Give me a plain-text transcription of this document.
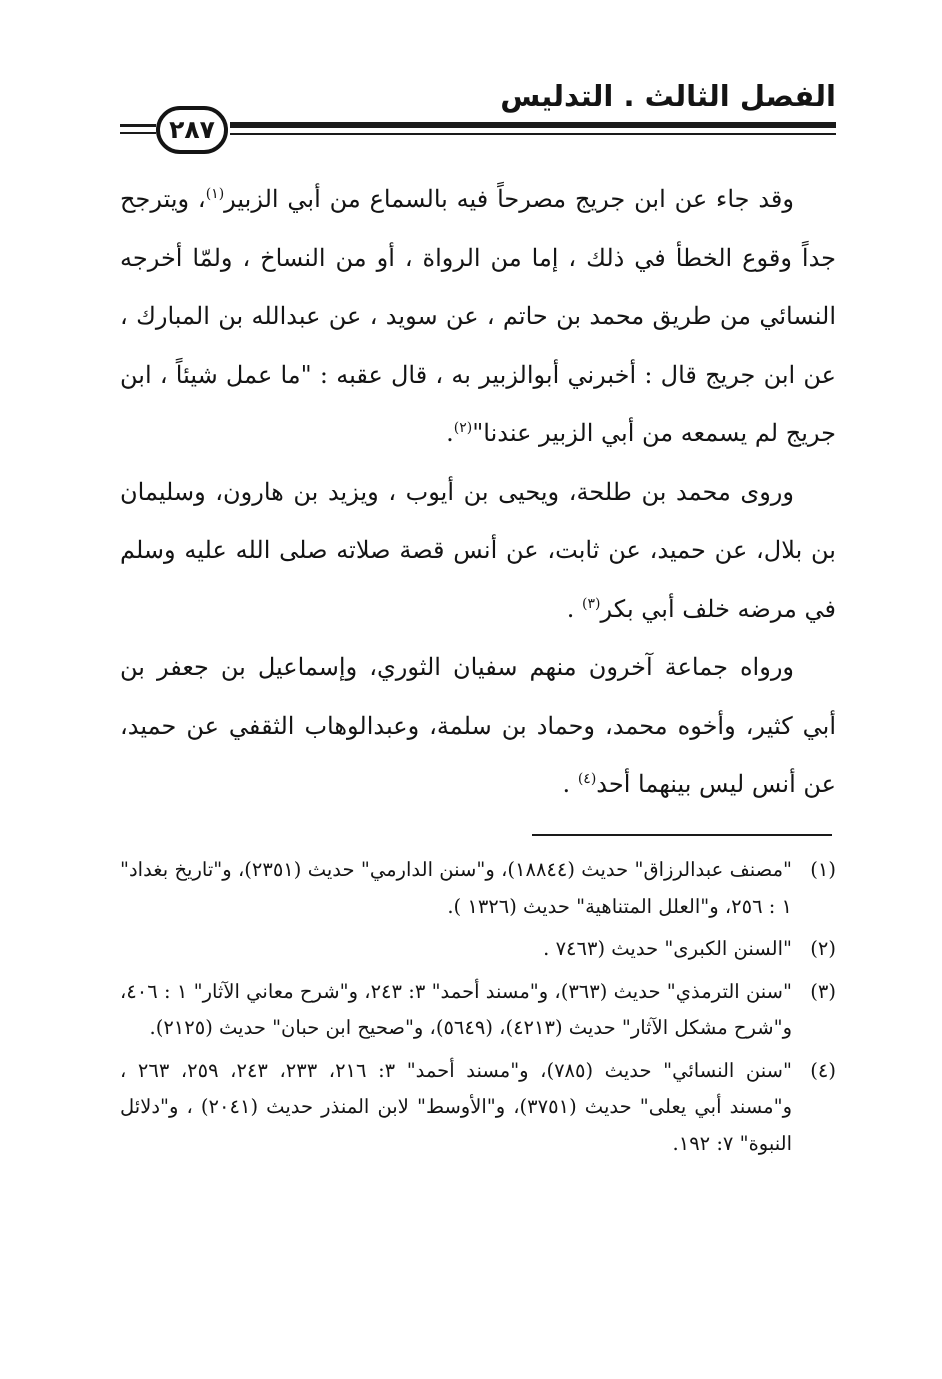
الفصل الثالث . التدليس
٢٨٧

وقد جاء عن ابن جريج مصرحاً فيه بالسماع من أبي الزبير$^{(١)}$، ويترجح جداً وقوع الخطأ في ذلك ، إما من الرواة ، أو من النساخ ، ولمّا أخرجه النسائي من طريق محمد بن حاتم ، عن سويد ، عن عبدالله بن المبارك ، عن ابن جريج قال : أخبرني أبوالزبير به ، قال عقبه : "ما عمل شيئاً ، ابن جريج لم يسمعه من أبي الزبير عندنا"$^{(٢)}$.

وروى محمد بن طلحة، ويحيى بن أيوب ، ويزيد بن هارون، وسليمان بن بلال، عن حميد، عن ثابت، عن أنس قصة صلاته صلى الله عليه وسلم في مرضه خلف أبي بكر$^{(٣)}$ .

ورواه جماعة آخرون منهم سفيان الثوري، وإسماعيل بن جعفر بن أبي كثير، وأخوه محمد، وحماد بن سلمة، وعبدالوهاب الثقفي عن حميد، عن أنس ليس بينهما أحد$^{(٤)}$ .

(١)
"مصنف عبدالرزاق" حديث (١٨٨٤٤)، و"سنن الدارمي" حديث (٢٣٥١)، و"تاريخ بغداد" ١ : ٢٥٦، و"العلل المتناهية" حديث (١٣٢٦ ).
(٢)
"السنن الكبرى" حديث (٧٤٦٣ .
(٣)
"سنن الترمذي" حديث (٣٦٣)، و"مسند أحمد" ٣: ٢٤٣، و"شرح معاني الآثار" ١ : ٤٠٦، و"شرح مشكل الآثار" حديث (٤٢١٣)، (٥٦٤٩)، و"صحيح ابن حبان" حديث (٢١٢٥).
(٤)
"سنن النسائي" حديث (٧٨٥)، و"مسند أحمد" ٣: ٢١٦، ٢٣٣، ٢٤٣، ٢٥٩، ٢٦٣ ، و"مسند أبي يعلى" حديث (٣٧٥١)، و"الأوسط" لابن المنذر حديث (٢٠٤١) ، و"دلائل النبوة" ٧: ١٩٢.
